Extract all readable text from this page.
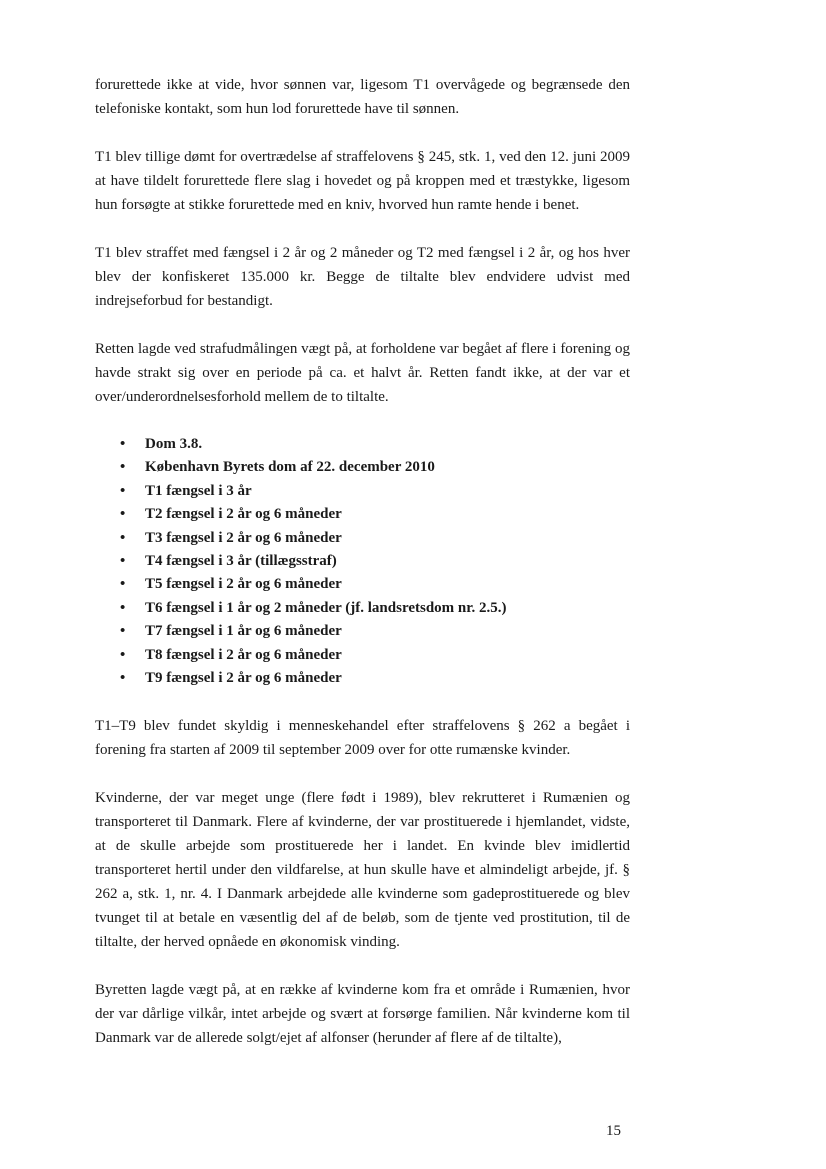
forurettede ikke at vide, hvor sønnen var, ligesom T1 overvågede og begrænsede den telefoniske kontakt, som hun lod forurettede have til sønnen.

T1 blev tillige dømt for overtrædelse af straffelovens § 245, stk. 1, ved den 12. juni 2009 at have tildelt forurettede flere slag i hovedet og på kroppen med et træstykke, ligesom hun forsøgte at stikke forurettede med en kniv, hvorved hun ramte hende i benet.

T1 blev straffet med fængsel i 2 år og 2 måneder og T2 med fængsel i 2 år, og hos hver blev der konfiskeret 135.000 kr. Begge de tiltalte blev endvidere udvist med indrejseforbud for bestandigt.

Retten lagde ved strafudmålingen vægt på, at forholdene var begået af flere i forening og havde strakt sig over en periode på ca. et halvt år. Retten fandt ikke, at der var et over/underordnelsesforhold mellem de to tiltalte.

• Dom 3.8.
• København Byrets dom af 22. december 2010
• T1 fængsel i 3 år
• T2 fængsel i 2 år og 6 måneder
• T3 fængsel i 2 år og 6 måneder
• T4 fængsel i 3 år (tillægsstraf)
• T5 fængsel i 2 år og 6 måneder
• T6 fængsel i 1 år og 2 måneder (jf. landsretsdom nr. 2.5.)
• T7 fængsel i 1 år og 6 måneder
• T8 fængsel i 2 år og 6 måneder
• T9 fængsel i 2 år og 6 måneder

T1–T9 blev fundet skyldig i menneskehandel efter straffelovens § 262 a begået i forening fra starten af 2009 til september 2009 over for otte rumænske kvinder.

Kvinderne, der var meget unge (flere født i 1989), blev rekrutteret i Rumænien og transporteret til Danmark. Flere af kvinderne, der var prostituerede i hjemlandet, vidste, at de skulle arbejde som prostituerede her i landet. En kvinde blev imidlertid transporteret hertil under den vildfarelse, at hun skulle have et almindeligt arbejde, jf. § 262 a, stk. 1, nr. 4. I Danmark arbejdede alle kvinderne som gadeprostituerede og blev tvunget til at betale en væsentlig del af de beløb, som de tjente ved prostitution, til de tiltalte, der herved opnåede en økonomisk vinding.

Byretten lagde vægt på, at en række af kvinderne kom fra et område i Rumænien, hvor der var dårlige vilkår, intet arbejde og svært at forsørge familien. Når kvinderne kom til Danmark var de allerede solgt/ejet af alfonser (herunder af flere af de tiltalte),

15
